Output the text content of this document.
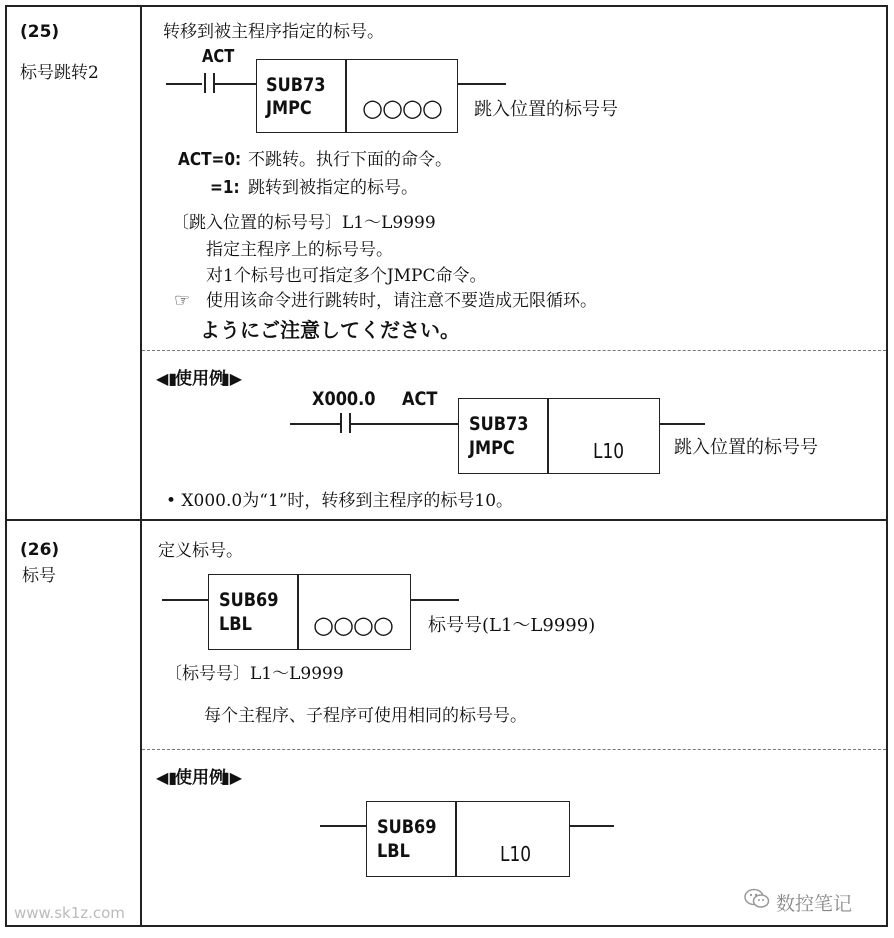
(25)
标号跳转2
转移到被主程序指定的标号。
ACT
SUB73
JMPC ○○○○ 跳入位置的标号号
ACT=0: 不跳转。执行下面的命令。
=1: 跳转到被指定的标号。
〔跳入位置的标号号〕L1～L9999
指定主程序上的标号号。
对1个标号也可指定多个JMPC命令。
☞ 使用该命令进行跳转时，请注意不要造成无限循环。
ようにご注意してください。
◀▮
使用例
▮▶
X000.0 ACT
SUB73
JMPC	L10	跳入位置的标号号
• X000.0为“1”时，转移到主程序的标号10。
(26)
标号
定义标号。
SUB69
LBL	○○○○ 标号号(L1～L9999)
〔标号号〕L1～L9999
每个主程序、子程序可使用相同的标号号。
◀▮
使用例
▮▶
SUB69
LBL	L10
www.sk1z.com	数控笔记
